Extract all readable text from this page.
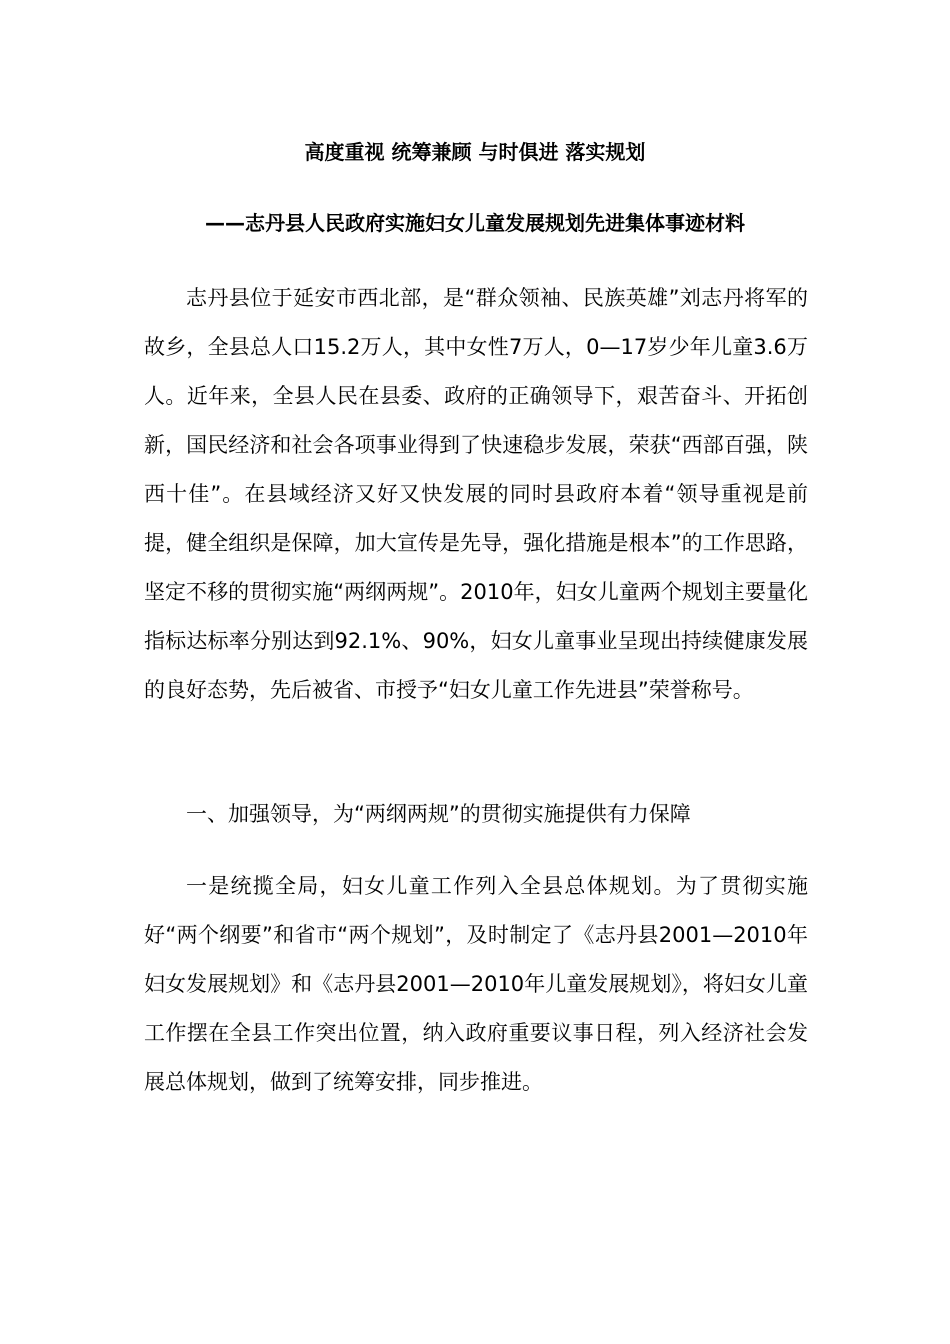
高度重视 统筹兼顾 与时俱进 落实规划
——志丹县人民政府实施妇女儿童发展规划先进集体事迹材料

志丹县位于延安市西北部，是“群众领袖、民族英雄”刘志丹将军的故乡，全县总人口15.2万人，其中女性7万人，0—17岁少年儿童3.6万人。近年来，全县人民在县委、政府的正确领导下，艰苦奋斗、开拓创新，国民经济和社会各项事业得到了快速稳步发展，荣获“西部百强，陕西十佳”。在县域经济又好又快发展的同时县政府本着“领导重视是前提，健全组织是保障，加大宣传是先导，强化措施是根本”的工作思路，坚定不移的贯彻实施“两纲两规”。2010年，妇女儿童两个规划主要量化指标达标率分别达到92.1%、90%，妇女儿童事业呈现出持续健康发展的良好态势，先后被省、市授予“妇女儿童工作先进县”荣誉称号。

一、加强领导，为“两纲两规”的贯彻实施提供有力保障

一是统揽全局，妇女儿童工作列入全县总体规划。为了贯彻实施好“两个纲要”和省市“两个规划”，及时制定了《志丹县2001—2010年妇女发展规划》和《志丹县2001—2010年儿童发展规划》，将妇女儿童工作摆在全县工作突出位置，纳入政府重要议事日程，列入经济社会发展总体规划，做到了统筹安排，同步推进。
